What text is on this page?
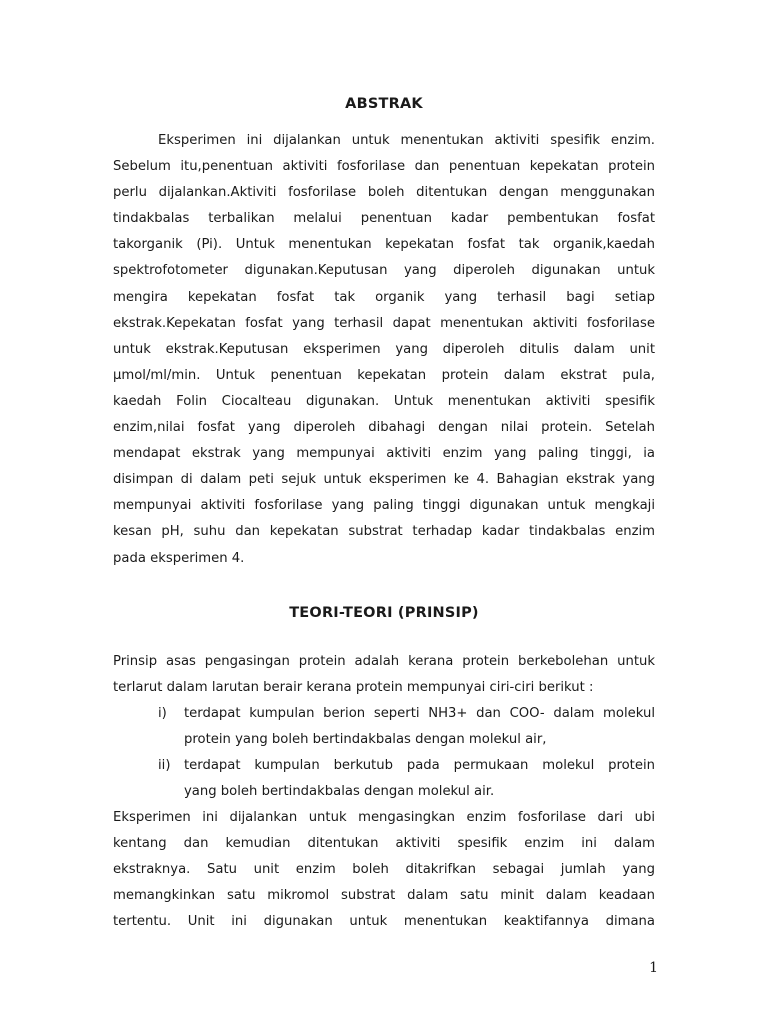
ABSTRAK
Eksperimen ini dijalankan untuk menentukan aktiviti spesifik enzim.
Sebelum itu,penentuan aktiviti fosforilase dan penentuan kepekatan protein
perlu dijalankan.Aktiviti fosforilase boleh ditentukan dengan menggunakan
tindakbalas terbalikan melalui penentuan kadar pembentukan fosfat
takorganik (Pi). Untuk menentukan kepekatan fosfat tak organik,kaedah
spektrofotometer digunakan.Keputusan yang diperoleh digunakan untuk
mengira kepekatan fosfat tak organik yang terhasil bagi setiap
ekstrak.Kepekatan fosfat yang terhasil dapat menentukan aktiviti fosforilase
untuk ekstrak.Keputusan eksperimen yang diperoleh ditulis dalam unit
µmol/ml/min. Untuk penentuan kepekatan protein dalam ekstrat pula,
kaedah Folin Ciocalteau digunakan. Untuk menentukan aktiviti spesifik
enzim,nilai fosfat yang diperoleh dibahagi dengan nilai protein. Setelah
mendapat ekstrak yang mempunyai aktiviti enzim yang paling tinggi, ia
disimpan di dalam peti sejuk untuk eksperimen ke 4. Bahagian ekstrak yang
mempunyai aktiviti fosforilase yang paling tinggi digunakan untuk mengkaji
kesan pH, suhu dan kepekatan substrat terhadap kadar tindakbalas enzim
pada eksperimen 4.
TEORI-TEORI (PRINSIP)
Prinsip asas pengasingan protein adalah kerana protein berkebolehan untuk
terlarut dalam larutan berair kerana protein mempunyai ciri-ciri berikut :
i)	terdapat kumpulan berion seperti NH3+ dan COO- dalam molekul
protein yang boleh bertindakbalas dengan molekul air,
ii)	terdapat kumpulan berkutub pada permukaan molekul protein
yang boleh bertindakbalas dengan molekul air.
Eksperimen ini dijalankan untuk mengasingkan enzim fosforilase dari ubi
kentang dan kemudian ditentukan aktiviti spesifik enzim ini dalam
ekstraknya. Satu unit enzim boleh ditakrifkan sebagai jumlah yang
memangkinkan satu mikromol substrat dalam satu minit dalam keadaan
tertentu. Unit ini digunakan untuk menentukan keaktifannya dimana
1
